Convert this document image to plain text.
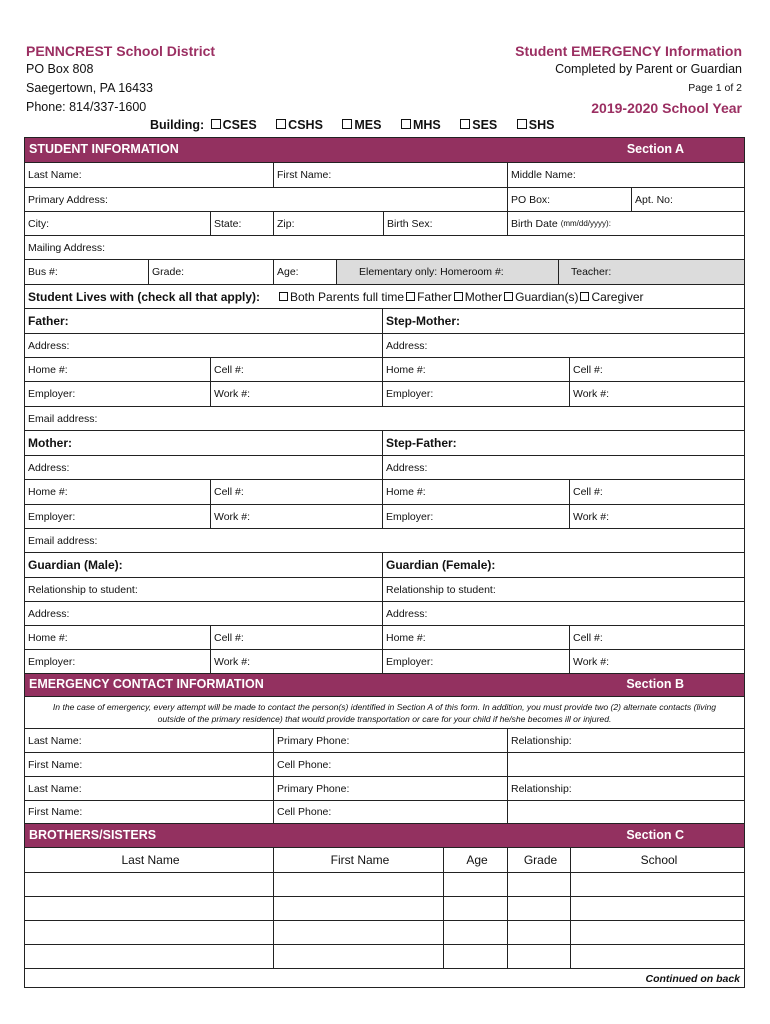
PENNCREST School District
PO Box 808
Saegertown, PA 16433
Phone: 814/337-1600
Student EMERGENCY Information
Completed by Parent or Guardian
Page 1 of 2
2019-2020 School Year
Building: CSES	CSHS	MES	MHS	SES	SHS
STUDENT INFORMATION	Section A
Last Name:	First Name:	Middle Name:
Primary Address:	PO Box:	Apt. No:
City:	State:	Zip:	Birth Sex:	Birth Date (mm/dd/yyyy):
Mailing Address:
Bus #:	Grade:	Age:	Elementary only: Homeroom #:	Teacher:
Student Lives with (check all that apply):	Both Parents full time	Father	Mother	Guardian(s)	Caregiver
Father:	Step-Mother:
Address:	Address:
Home #:	Cell #:	Home #:	Cell #:
Employer:	Work #:	Employer:	Work #:
Email address:
Mother:	Step-Father:
Address:	Address:
Home #:	Cell #:	Home #:	Cell #:
Employer:	Work #:	Employer:	Work #:
Email address:
Guardian (Male):	Guardian (Female):
Relationship to student:	Relationship to student:
Address:	Address:
Home #:	Cell #:	Home #:	Cell #:
Employer:	Work #:	Employer:	Work #:
EMERGENCY CONTACT INFORMATION	Section B
In the case of emergency, every attempt will be made to contact the person(s) identified in Section A of this form. In addition, you must provide two (2) alternate contacts (living
outside of the primary residence) that would provide transportation or care for your child if he/she becomes ill or injured.
Last Name:	Primary Phone:	Relationship:
First Name:	Cell Phone:
Last Name:	Primary Phone:	Relationship:
First Name:	Cell Phone:
BROTHERS/SISTERS	Section C
Last Name	First Name	Age	Grade	School
Continued on back
